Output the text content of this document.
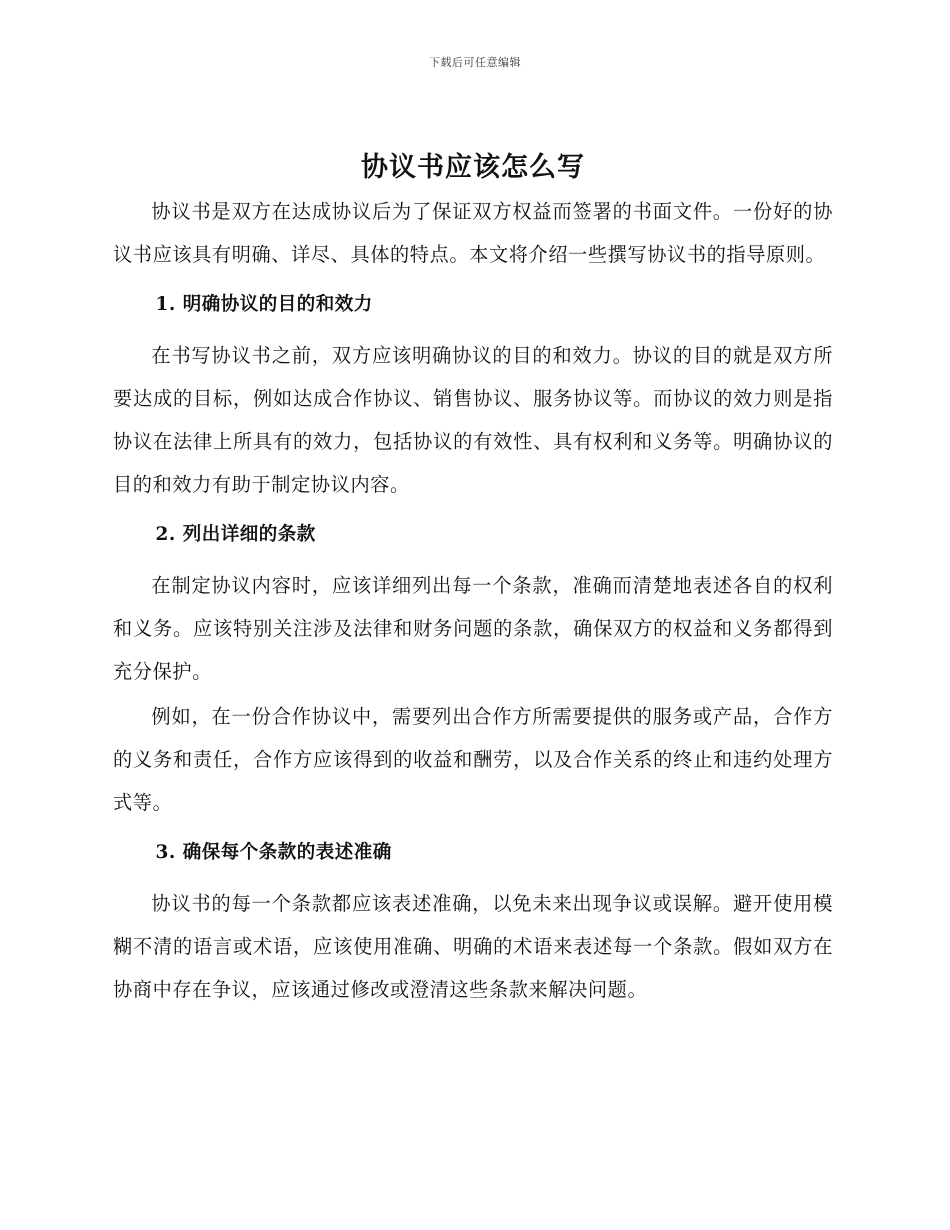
下载后可任意编辑
协议书应该怎么写

协议书是双方在达成协议后为了保证双方权益而签署的书面文件。一份好的协议书应该具有明确、详尽、具体的特点。本文将介绍一些撰写协议书的指导原则。

1. 明确协议的目的和效力

在书写协议书之前，双方应该明确协议的目的和效力。协议的目的就是双方所要达成的目标，例如达成合作协议、销售协议、服务协议等。而协议的效力则是指协议在法律上所具有的效力，包括协议的有效性、具有权利和义务等。明确协议的目的和效力有助于制定协议内容。

2. 列出详细的条款

在制定协议内容时，应该详细列出每一个条款，准确而清楚地表述各自的权利和义务。应该特别关注涉及法律和财务问题的条款，确保双方的权益和义务都得到充分保护。

例如，在一份合作协议中，需要列出合作方所需要提供的服务或产品，合作方的义务和责任，合作方应该得到的收益和酬劳，以及合作关系的终止和违约处理方式等。

3. 确保每个条款的表述准确

协议书的每一个条款都应该表述准确，以免未来出现争议或误解。避开使用模糊不清的语言或术语，应该使用准确、明确的术语来表述每一个条款。假如双方在协商中存在争议，应该通过修改或澄清这些条款来解决问题。
